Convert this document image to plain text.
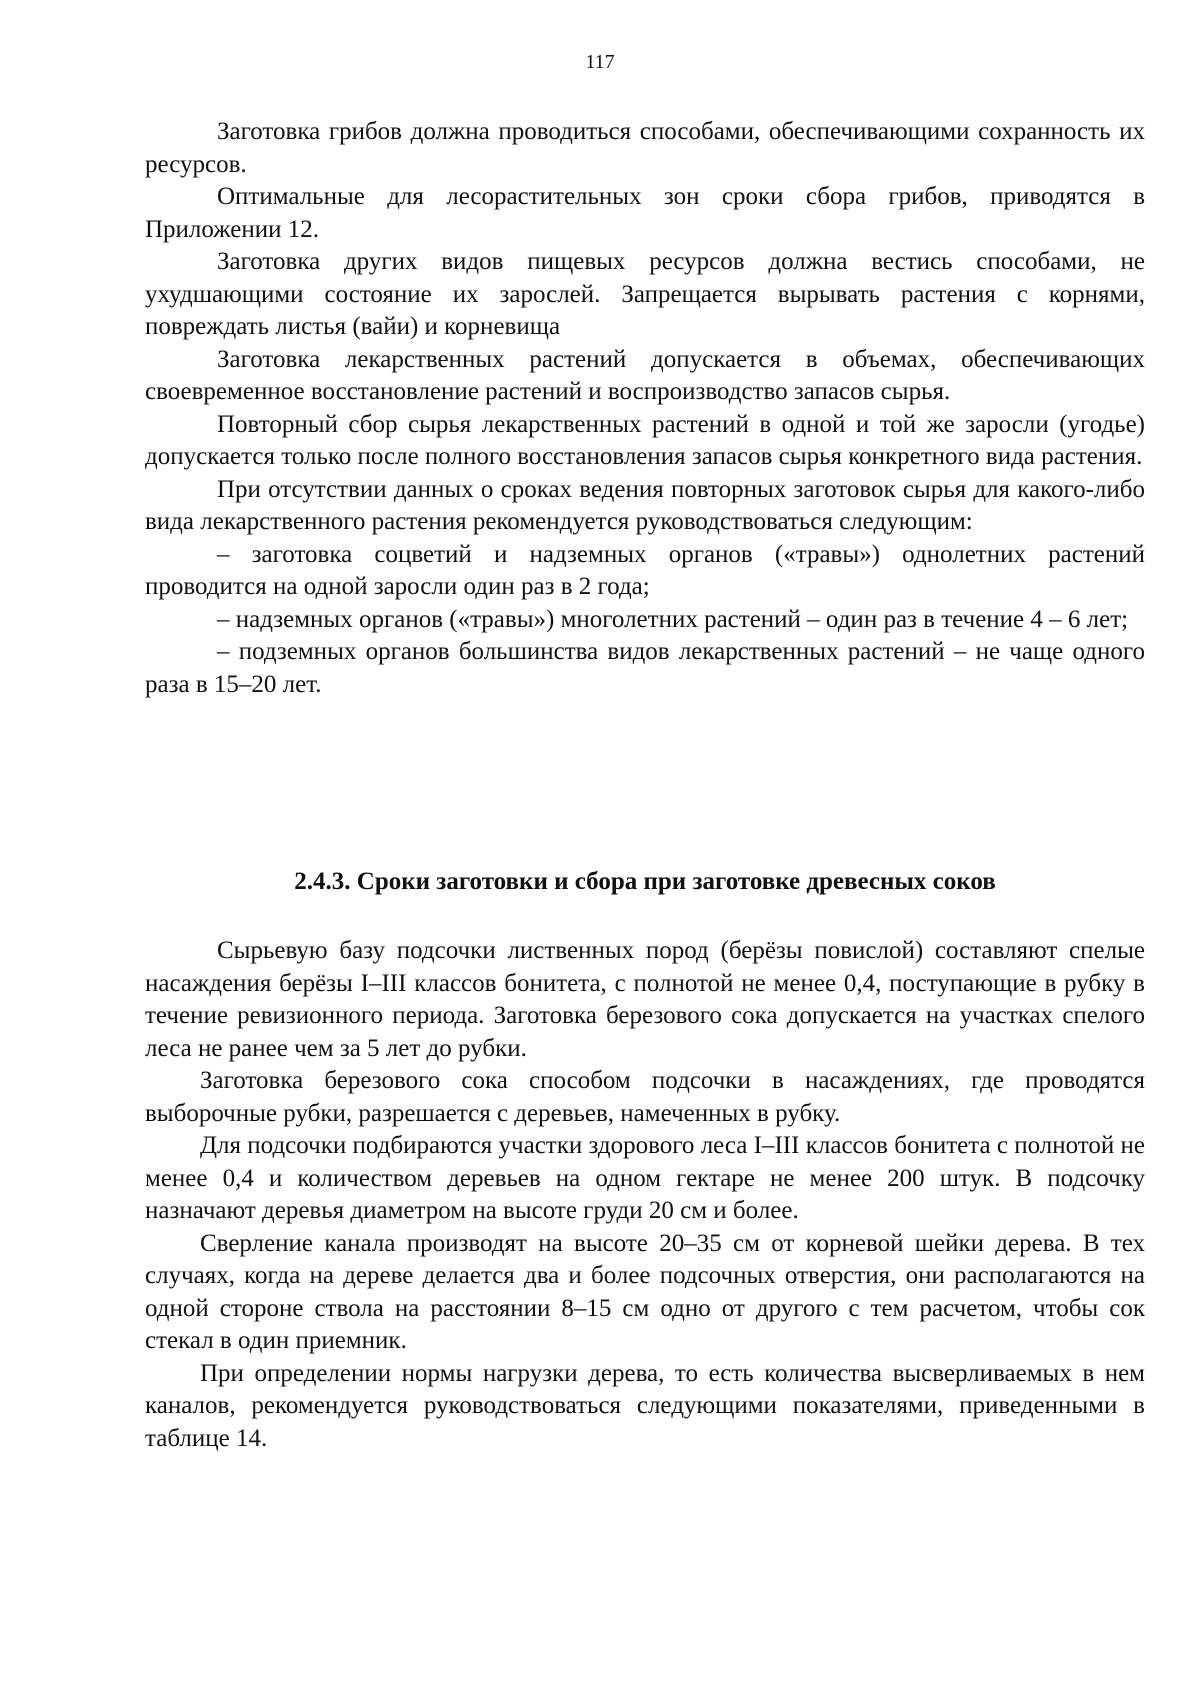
117

Заготовка грибов должна проводиться способами, обеспечивающими сохранность их ресурсов.

Оптимальные для лесорастительных зон сроки сбора грибов, приводятся в Приложении 12.

Заготовка других видов пищевых ресурсов должна вестись способами, не ухудшающими состояние их зарослей. Запрещается вырывать растения с корнями, повреждать листья (вайи) и корневища

Заготовка лекарственных растений допускается в объемах, обеспечивающих своевременное восстановление растений и воспроизводство запасов сырья.

Повторный сбор сырья лекарственных растений в одной и той же заросли (угодье) допускается только после полного восстановления запасов сырья конкретного вида растения.

При отсутствии данных о сроках ведения повторных заготовок сырья для какого-либо вида лекарственного растения рекомендуется руководствоваться следующим:

– заготовка соцветий и надземных органов («травы») однолетних растений проводится на одной заросли один раз в 2 года;

– надземных органов («травы») многолетних растений – один раз в течение 4 – 6 лет;

– подземных органов большинства видов лекарственных растений – не чаще одного раза в 15–20 лет.

2.4.3. Сроки заготовки и сбора при заготовке древесных соков

Сырьевую базу подсочки лиственных пород (берёзы повислой) составляют спелые насаждения берёзы I–III классов бонитета, с полнотой не менее 0,4, поступающие в рубку в течение ревизионного периода. Заготовка березового сока допускается на участках спелого леса не ранее чем за 5 лет до рубки.

Заготовка березового сока способом подсочки в насаждениях, где проводятся выборочные рубки, разрешается с деревьев, намеченных в рубку.

Для подсочки подбираются участки здорового леса I–III классов бонитета с полнотой не менее 0,4 и количеством деревьев на одном гектаре не менее 200 штук. В подсочку назначают деревья диаметром на высоте груди 20 см и более.

Сверление канала производят на высоте 20–35 см от корневой шейки дерева. В тех случаях, когда на дереве делается два и более подсочных отверстия, они располагаются на одной стороне ствола на расстоянии 8–15 см одно от другого с тем расчетом, чтобы сок стекал в один приемник.

При определении нормы нагрузки дерева, то есть количества высверливаемых в нем каналов, рекомендуется руководствоваться следующими показателями, приведенными в таблице 14.
